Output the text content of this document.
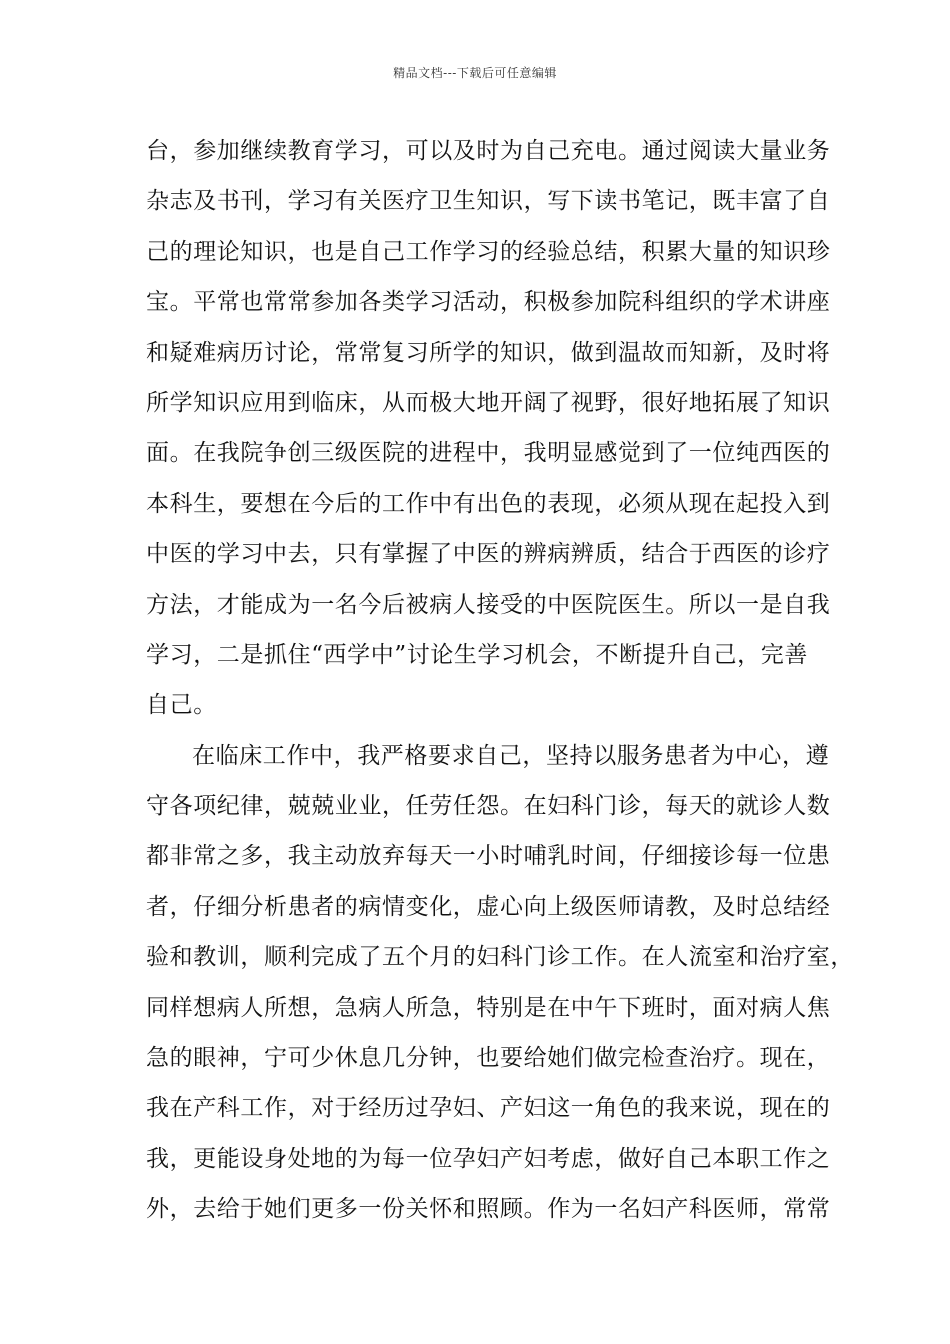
精品文档---下载后可任意编辑
台，参加继续教育学习，可以及时为自己充电。通过阅读大量业务
杂志及书刊，学习有关医疗卫生知识，写下读书笔记，既丰富了自
己的理论知识，也是自己工作学习的经验总结，积累大量的知识珍
宝。平常也常常参加各类学习活动，积极参加院科组织的学术讲座
和疑难病历讨论，常常复习所学的知识，做到温故而知新，及时将
所学知识应用到临床，从而极大地开阔了视野，很好地拓展了知识
面。在我院争创三级医院的进程中，我明显感觉到了一位纯西医的
本科生，要想在今后的工作中有出色的表现，必须从现在起投入到
中医的学习中去，只有掌握了中医的辨病辨质，结合于西医的诊疗
方法，才能成为一名今后被病人接受的中医院医生。所以一是自我
学习，二是抓住“西学中”讨论生学习机会，不断提升自己，完善
自己。
在临床工作中，我严格要求自己，坚持以服务患者为中心，遵
守各项纪律，兢兢业业，任劳任怨。在妇科门诊，每天的就诊人数
都非常之多，我主动放弃每天一小时哺乳时间，仔细接诊每一位患
者，仔细分析患者的病情变化，虚心向上级医师请教，及时总结经
验和教训，顺利完成了五个月的妇科门诊工作。在人流室和治疗室，
同样想病人所想，急病人所急，特别是在中午下班时，面对病人焦
急的眼神，宁可少休息几分钟，也要给她们做完检查治疗。现在，
我在产科工作，对于经历过孕妇、产妇这一角色的我来说，现在的
我，更能设身处地的为每一位孕妇产妇考虑，做好自己本职工作之
外，去给于她们更多一份关怀和照顾。作为一名妇产科医师，常常
